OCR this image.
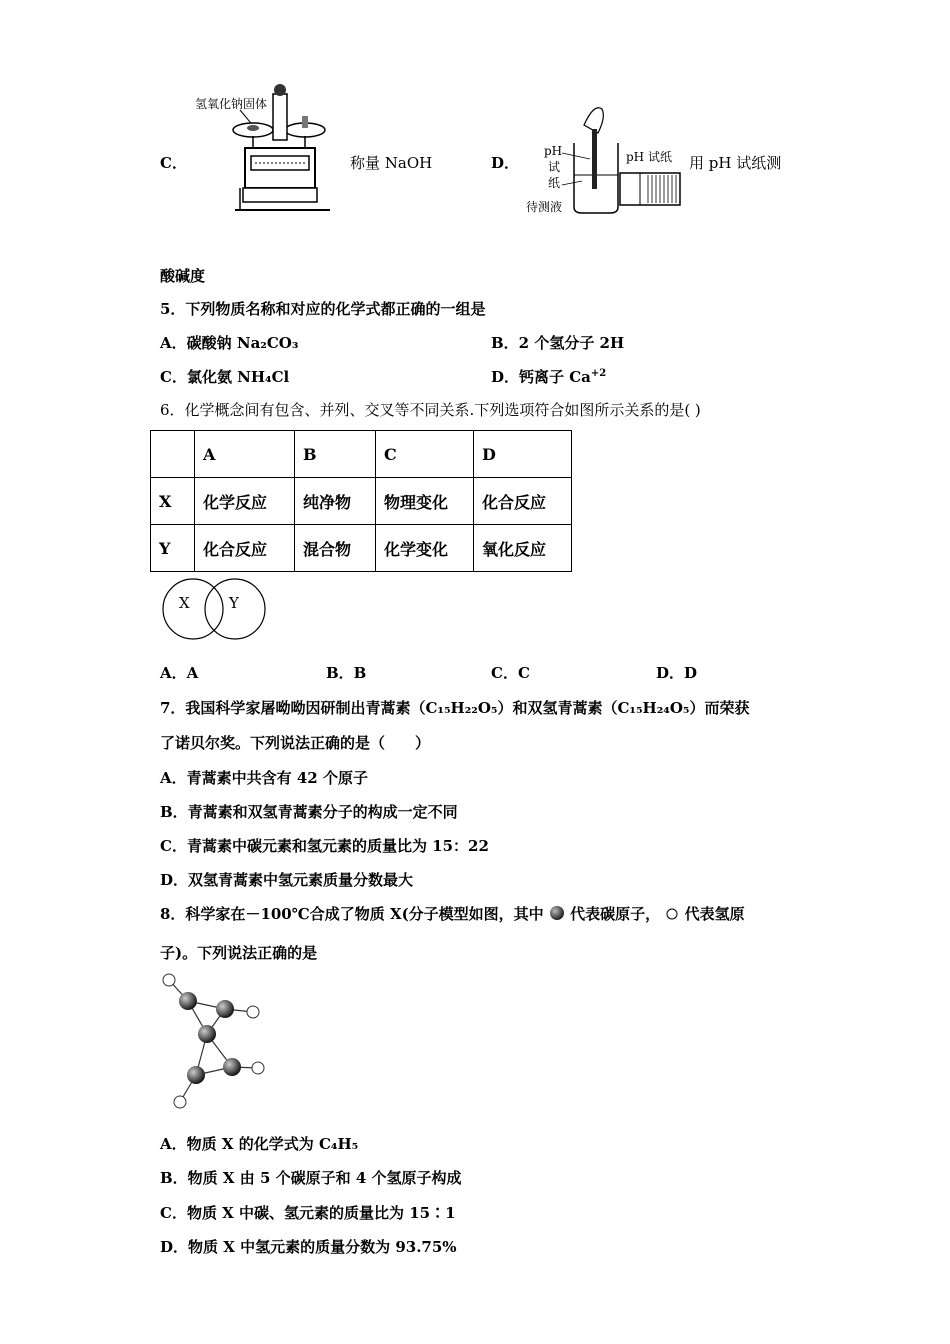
C．
氢氧化钠固体
称量 NaOH	D．
pH
试
纸
待测液
pH 试纸 用 pH 试纸测
酸碱度
5．下列物质名称和对应的化学式都正确的一组是
A．碳酸钠 Na₂CO₃	B．2 个氢分子 2H
C．氯化氨 NH₄Cl	D．钙离子 $Ca^{+2}$
6．化学概念间有包含、并列、交叉等不同关系.下列选项符合如图所示关系的是( )
	A	B	C	D
X	化学反应	纯净物	物理变化	化合反应
Y	化合反应	混合物	化学变化	氧化反应
X	Y
A．A	B．B	C．C	D．D
7．我国科学家屠呦呦因研制出青蒿素（C₁₅H₂₂O₅）和双氢青蒿素（C₁₅H₂₄O₅）而荣获
了诺贝尔奖。下列说法正确的是（　　）
A．青蒿素中共含有 42 个原子
B．青蒿素和双氢青蒿素分子的构成一定不同
C．青蒿素中碳元素和氢元素的质量比为 15：22
D．双氢青蒿素中氢元素质量分数最大
8．科学家在－100℃合成了物质 X(分子模型如图，其中 代表碳原子， 代表氢原
子)。下列说法正确的是
A．物质 X 的化学式为 C₄H₅
B．物质 X 由 5 个碳原子和 4 个氢原子构成
C．物质 X 中碳、氢元素的质量比为 15∶1
D．物质 X 中氢元素的质量分数为 93.75%
